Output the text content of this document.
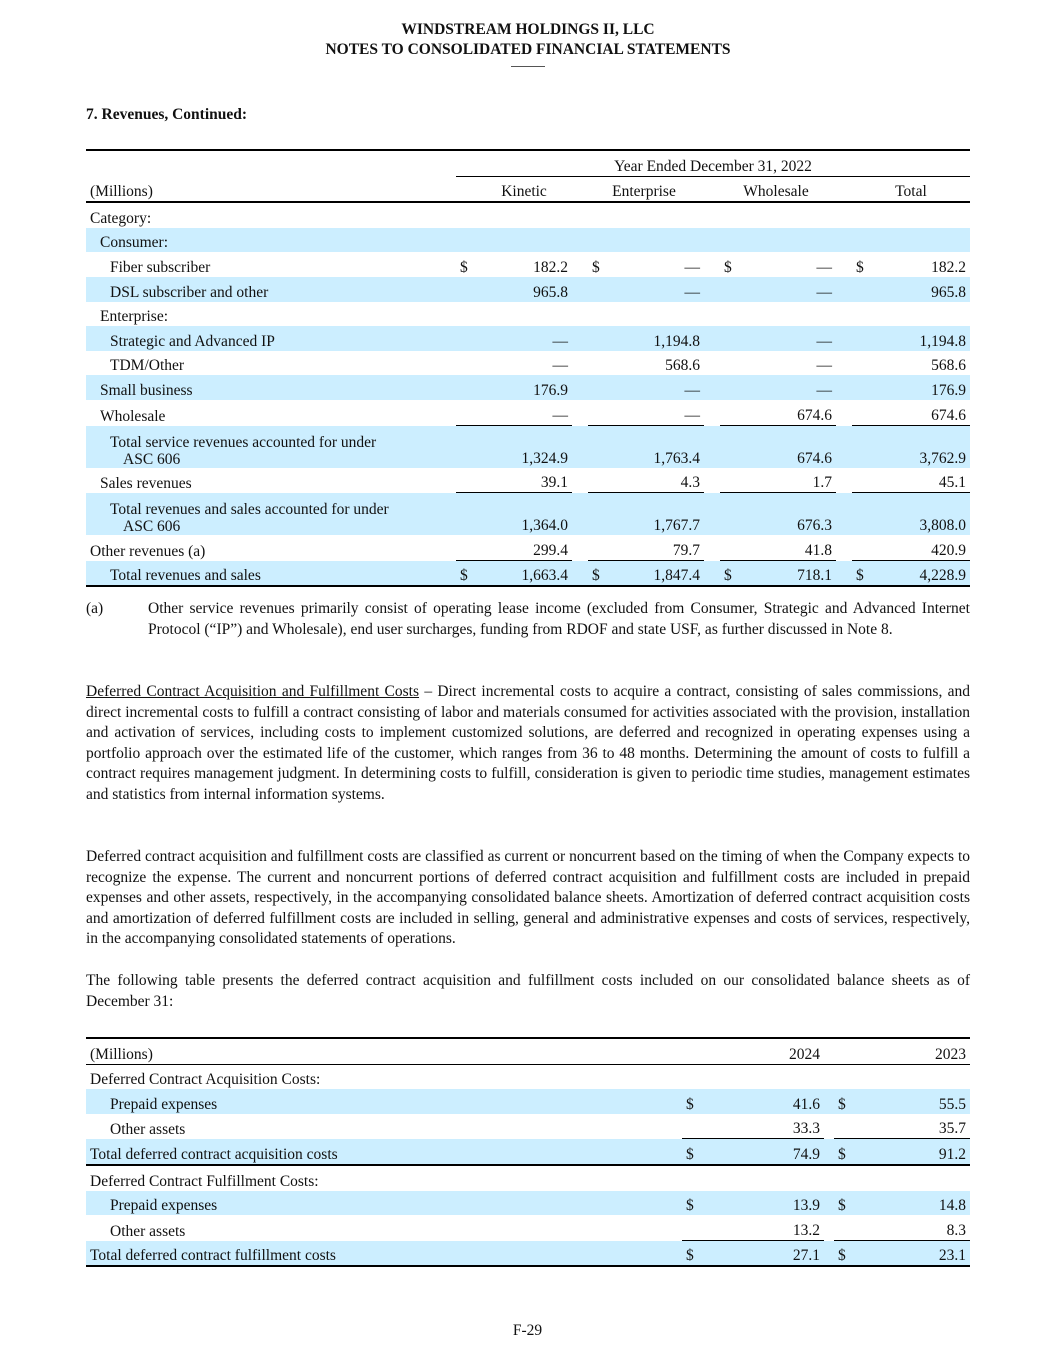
WINDSTREAM HOLDINGS II, LLC
NOTES TO CONSOLIDATED FINANCIAL STATEMENTS
7. Revenues, Continued:
	Year Ended December 31, 2022										
(Millions)		Kinetic		Enterprise			Wholesale			Total	
Category:											
Consumer:											
Fiber subscriber	$	182.2		$	—		$	—		$	182.2
DSL subscriber and other		965.8			—			—			965.8
Enterprise:											
Strategic and Advanced IP		—			1,194.8			—			1,194.8
TDM/Other		—			568.6			—			568.6
Small business		176.9			—			—			176.9
Wholesale		—			—			674.6			674.6
Total service revenues accounted for under
ASC 606		1,324.9			1,763.4			674.6			3,762.9
Sales revenues		39.1			4.3			1.7			45.1
Total revenues and sales accounted for under
ASC 606		1,364.0			1,767.7			676.3			3,808.0
Other revenues (a)		299.4			79.7			41.8			420.9
Total revenues and sales	$	1,663.4		$	1,847.4		$	718.1		$	4,228.9
(a)	Other service revenues primarily consist of operating lease income (excluded from Consumer, Strategic and Advanced Internet Protocol (“IP”) and Wholesale), end user surcharges, funding from RDOF and state USF, as further discussed in Note 8.

Deferred Contract Acquisition and Fulfillment Costs – Direct incremental costs to acquire a contract, consisting of sales commissions, and direct incremental costs to fulfill a contract consisting of labor and materials consumed for activities associated with the provision, installation and activation of services, including costs to implement customized solutions, are deferred and recognized in operating expenses using a portfolio approach over the estimated life of the customer, which ranges from 36 to 48 months. Determining the amount of costs to fulfill a contract requires management judgment. In determining costs to fulfill, consideration is given to periodic time studies, management estimates and statistics from internal information systems.

Deferred contract acquisition and fulfillment costs are classified as current or noncurrent based on the timing of when the Company expects to recognize the expense. The current and noncurrent portions of deferred contract acquisition and fulfillment costs are included in prepaid expenses and other assets, respectively, in the accompanying consolidated balance sheets. Amortization of deferred contract acquisition costs and amortization of deferred fulfillment costs are included in selling, general and administrative expenses and costs of services, respectively, in the accompanying consolidated statements of operations.

The following table presents the deferred contract acquisition and fulfillment costs included on our consolidated balance sheets as of December 31:

(Millions)		2024			2023
Deferred Contract Acquisition Costs:					
Prepaid expenses	$	41.6		$	55.5
Other assets		33.3			35.7
Total deferred contract acquisition costs	$	74.9		$	91.2
Deferred Contract Fulfillment Costs:					
Prepaid expenses	$	13.9		$	14.8
Other assets		13.2			8.3
Total deferred contract fulfillment costs	$	27.1		$	23.1
F-29
